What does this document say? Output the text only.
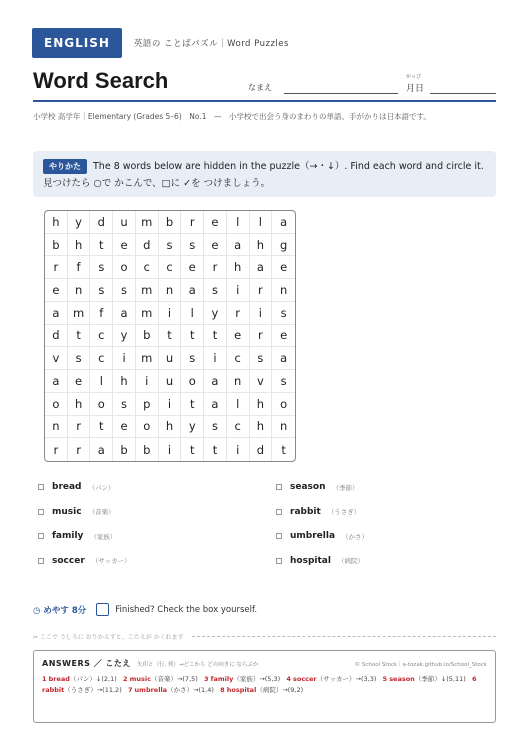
ENGLISH	英語の ことばパズル｜Word Puzzles
Word Search	なまえ
がっぴ
月日
小学校 高学年｜Elementary (Grades 5–6)　No.1　—　小学校で出会う身のまわりの単語。手がかりは日本語です。
やりかた The 8 words below are hidden in the puzzle（→・↓）. Find each word and circle it. 見つけたら ○で かこんで、□に ✓を つけましょう。
h	y	d	u	m	b	r	e	l	l	a
b	h	t	e	d	s	s	e	a	h	g
r	f	s	o	c	c	e	r	h	a	e
e	n	s	s	m	n	a	s	i	r	n
a	m	f	a	m	i	l	y	r	i	s
d	t	c	y	b	t	t	t	e	r	e
v	s	c	i	m	u	s	i	c	s	a
a	e	l	h	i	u	o	a	n	v	s
o	h	o	s	p	i	t	a	l	h	o
n	r	t	e	o	h	y	s	c	h	n
r	r	a	b	b	i	t	t	i	d	t
bread （パン）	season （季節）
music （音楽）	rabbit （うさぎ）
family （家族）	umbrella （かさ）
soccer （サッカー）	hospital （病院）
◷ めやす 8分	Finished? Check the box yourself.
✂ ここで うしろに おりかえすと、こたえが かくれます
ANSWERS ／ こたえ 矢印と（行, 列）→どこから どの向きに ならぶか	© School Stock｜a-tozak.github.io/School_Stock
1 bread（パン）↓(2,1) 2 music（音楽）→(7,5) 3 family（家族）→(5,3) 4 soccer（サッカー）→(3,3) 5 season（季節）↓(5,11) 6 rabbit（うさぎ）→(11,2) 7 umbrella（かさ）→(1,4) 8 hospital（病院）→(9,2)
